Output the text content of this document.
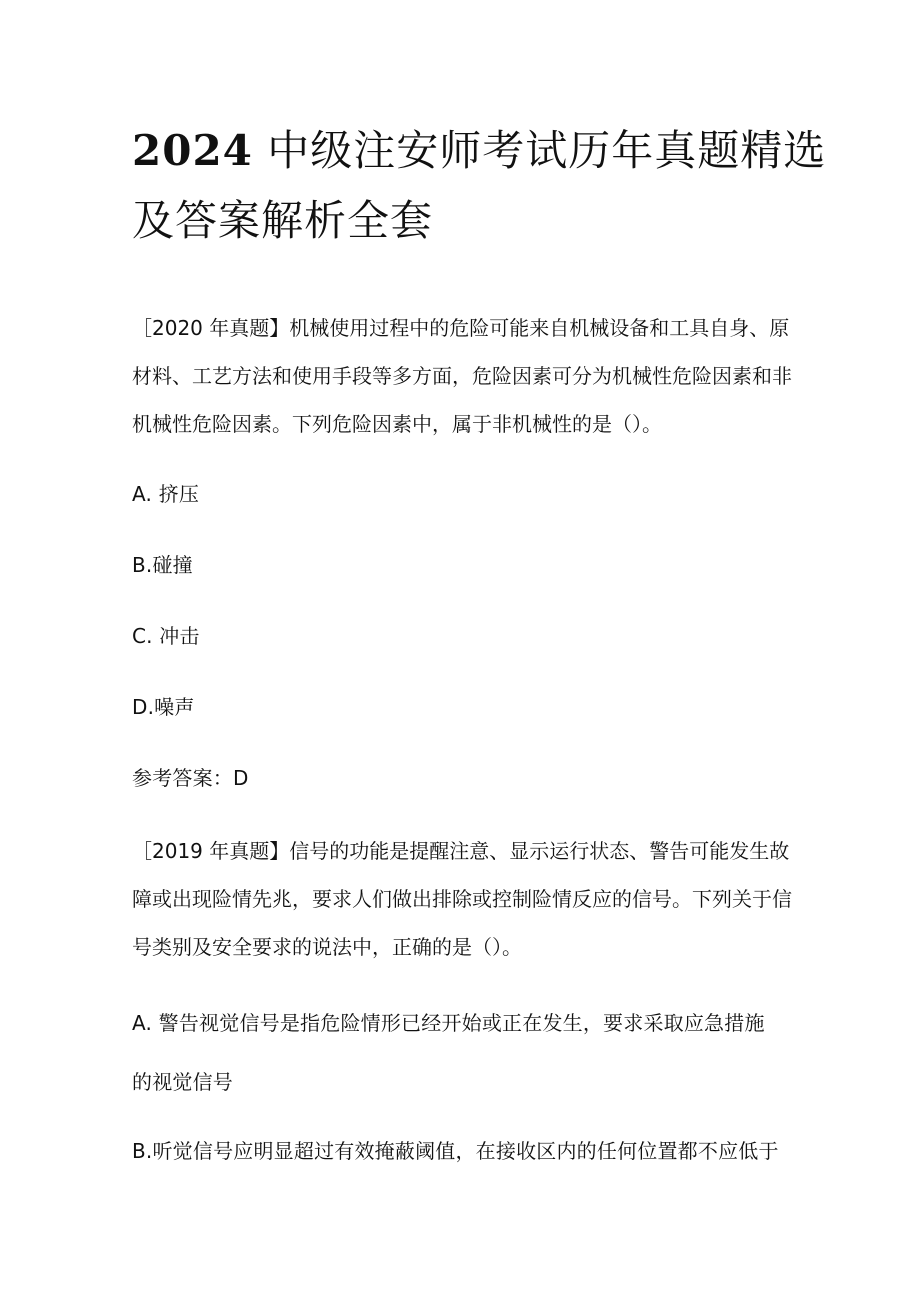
2024 中级注安师考试历年真题精选
及答案解析全套

［2020 年真题】机械使用过程中的危险可能来自机械设备和工具自身、原

材料、工艺方法和使用手段等多方面，危险因素可分为机械性危险因素和非

机械性危险因素。下列危险因素中，属于非机械性的是（）。

A. 挤压

B.碰撞

C. 冲击

D.噪声

参考答案：D

［2019 年真题】信号的功能是提醒注意、显示运行状态、警告可能发生故

障或出现险情先兆，要求人们做出排除或控制险情反应的信号。下列关于信

号类别及安全要求的说法中，正确的是（）。

A. 警告视觉信号是指危险情形已经开始或正在发生，要求采取应急措施

的视觉信号

B.听觉信号应明显超过有效掩蔽阈值，在接收区内的任何位置都不应低于
